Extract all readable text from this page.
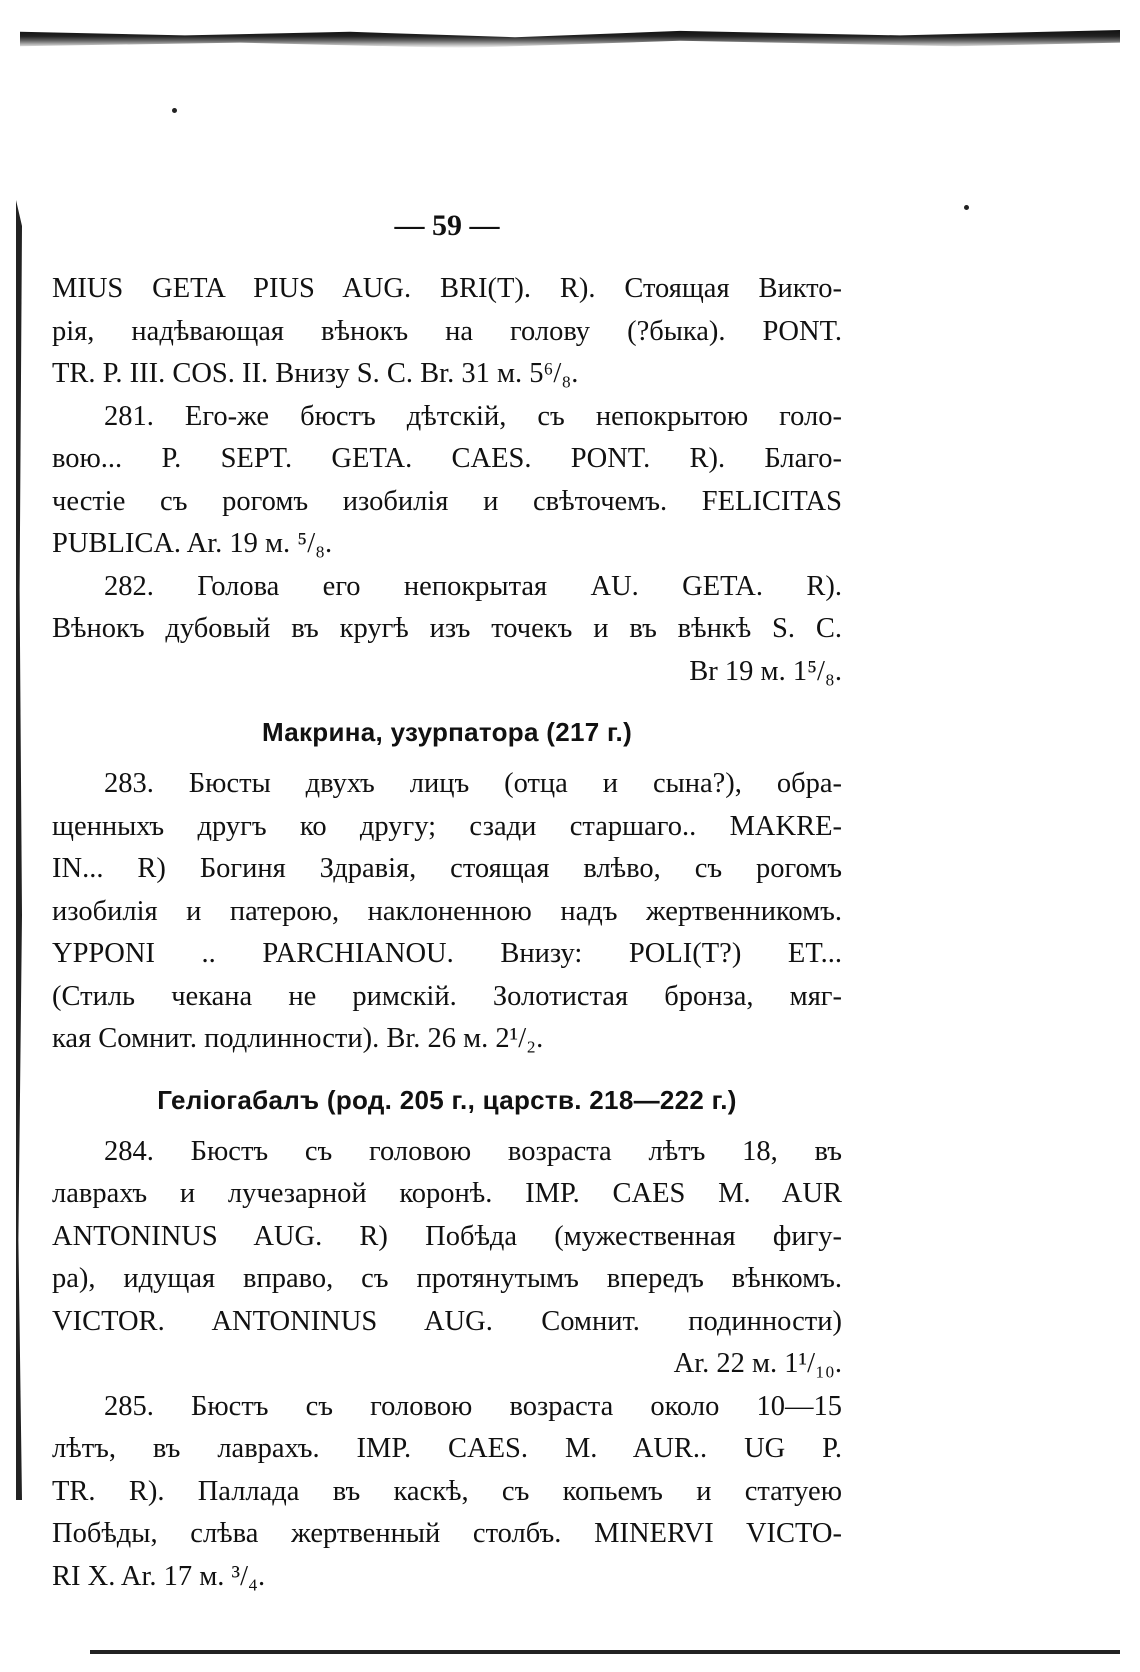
— 59 —
MIUS GETA PIUS AUG. BRI(T). R). Стоящая Викто-
рія, надѣвающая вѣнокъ на голову (?быка). PONT.
TR. P. III. COS. II. Внизу S. C. Br. 31 м. 5⁶/₈.
281. Его-же бюстъ дѣтскій, съ непокрытою голо-
вою... P. SEPT. GETA. CAES. PONT. R). Благо-
честіе съ рогомъ изобилія и свѣточемъ. FELICITAS
PUBLICA. Ar. 19 м. ⁵/₈.
282. Голова его непокрытая AU. GETA. R).
Вѣнокъ дубовый въ кругѣ изъ точекъ и въ вѣнкѣ S. C.
Br 19 м. 1⁵/₈.
Макрина, узурпатора (217 г.)
283. Бюсты двухъ лицъ (отца и сына?), обра-
щенныхъ другъ ко другу; сзади старшаго.. MAKRE-
IN... R) Богиня Здравія, стоящая влѣво, съ рогомъ
изобилія и патерою, наклоненною надъ жертвенникомъ.
YPPONI .. PARCHIANOU. Внизу: POLI(T?) ET...
(Стиль чекана не римскій. Золотистая бронза, мяг-
кая Сомнит. подлинности). Br. 26 м. 2¹/₂.
Геліогабалъ (род. 205 г., царств. 218—222 г.)
284. Бюстъ съ головою возраста лѣтъ 18, въ
лаврахъ и лучезарной коронѣ. IMP. CAES M. AUR
ANTONINUS AUG. R) Побѣда (мужественная фигу-
ра), идущая вправо, съ протянутымъ впередъ вѣнкомъ.
VICTOR. ANTONINUS AUG. Сомнит. подинности)
Ar. 22 м. 1¹/₁₀.
285. Бюстъ съ головою возраста около 10—15
лѣтъ, въ лаврахъ. IMP. CAES. M. AUR.. UG P.
TR. R). Паллада въ каскѣ, съ копьемъ и статуею
Побѣды, слѣва жертвенный столбъ. MINERVI VICTO-
RI X. Ar. 17 м. ³/₄.
